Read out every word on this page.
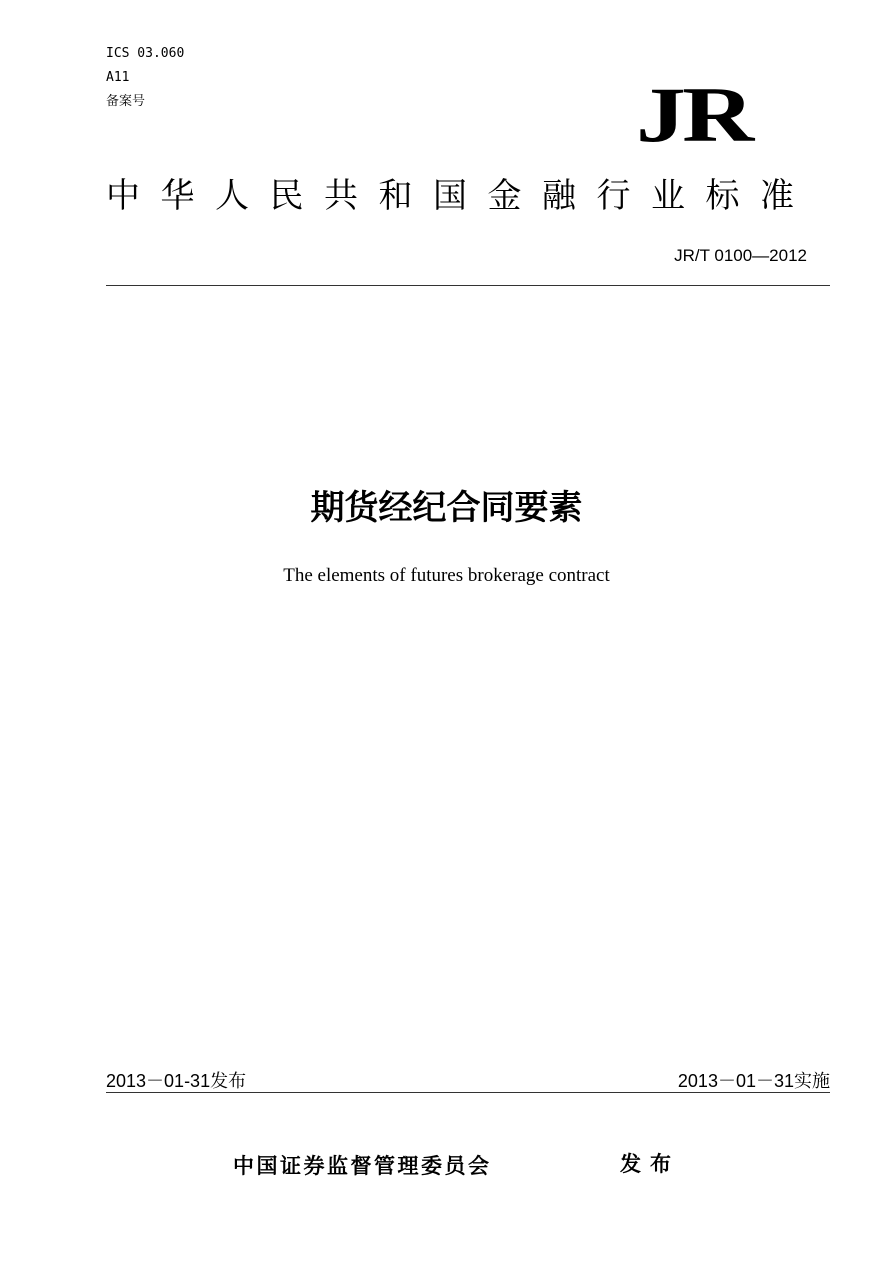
ICS 03.060
A11
备案号	JR
中华人民共和国金融行业标准
JR/T 0100—2012
期货经纪合同要素
The elements of futures brokerage contract
2013－01-31发布	2013－01－31实施
中国证券监督管理委员会	发布
